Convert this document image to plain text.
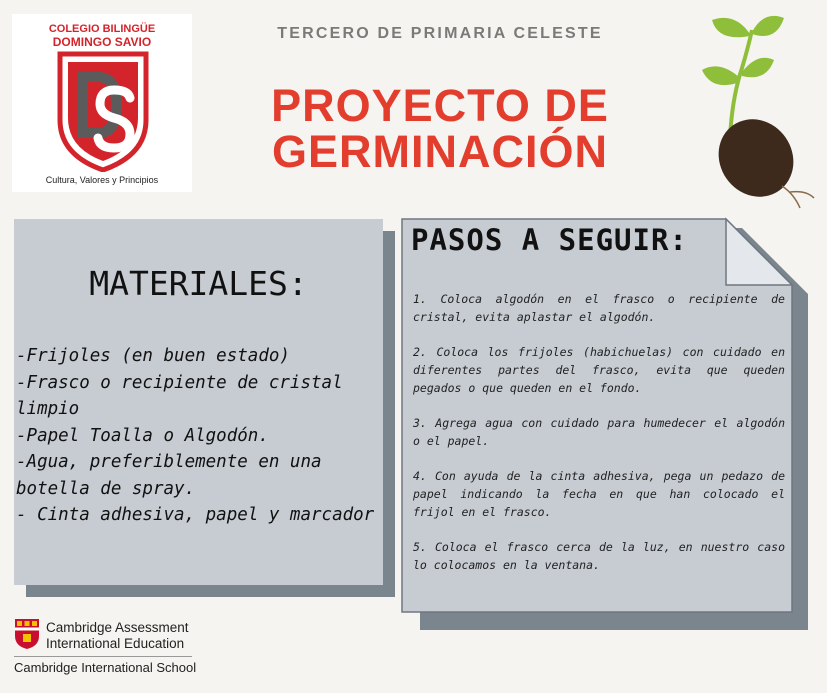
COLEGIO BILINGÜE
DOMINGO SAVIO
Cultura, Valores y Principios
TERCERO DE PRIMARIA CELESTE
PROYECTO DE
GERMINACIÓN
MATERIALES:
-Frijoles (en buen estado)
-Frasco o recipiente de cristal limpio
-Papel Toalla o Algodón.
-Agua, preferiblemente en una botella de spray.
- Cinta adhesiva, papel y marcador
PASOS A SEGUIR:
1. Coloca algodón en el frasco o recipiente de cristal, evita aplastar el algodón.
2. Coloca los frijoles (habichuelas) con cuidado en diferentes partes del frasco, evita que queden pegados o que queden en el fondo.
3. Agrega agua con cuidado para humedecer el algodón o el papel.
4. Con ayuda de la cinta adhesiva, pega un pedazo de papel indicando la fecha en que han colocado el frijol en el frasco.
5. Coloca el frasco cerca de la luz, en nuestro caso lo colocamos en la ventana.
Cambridge Assessment
International Education
Cambridge International School
